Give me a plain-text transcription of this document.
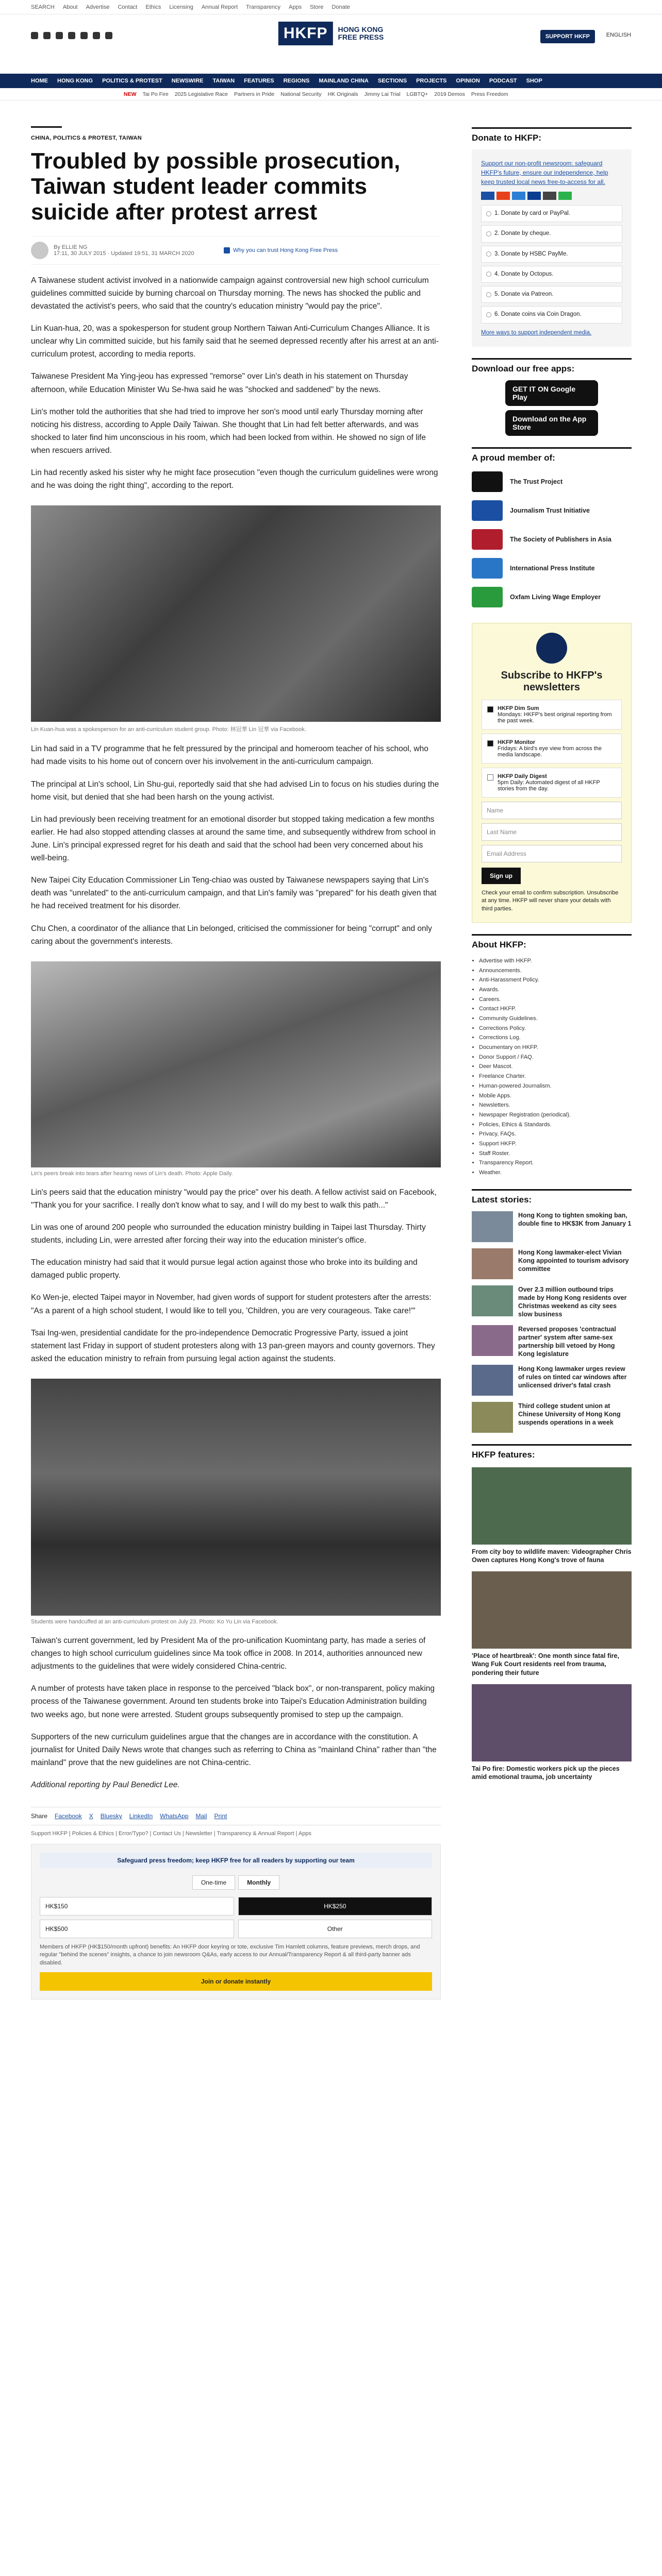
SEARCH About Advertise Contact Ethics Licensing Annual Report Transparency Apps Store Donate
HKFP	HONG KONG
FREE PRESS	SUPPORT HKFP	ENGLISH
HOME HONG KONG POLITICS & PROTEST NEWSWIRE TAIWAN FEATURES REGIONS MAINLAND CHINA SECTIONS PROJECTS OPINION PODCAST SHOP
NEW Tai Po Fire 2025 Legislative Race Partners in Pride National Security HK Originals Jimmy Lai Trial LGBTQ+ 2019 Demos Press Freedom
CHINA, POLITICS & PROTEST, TAIWAN
Troubled by possible prosecution, Taiwan student leader commits suicide after protest arrest
By ELLIE NG
17:11, 30 JULY 2015 · Updated 19:51, 31 MARCH 2020	Why you can trust Hong Kong Free Press

A Taiwanese student activist involved in a nationwide campaign against controversial new high school curriculum guidelines committed suicide by burning charcoal on Thursday morning. The news has shocked the public and devastated the activist's peers, who said that the country's education ministry "would pay the price".

Lin Kuan-hua, 20, was a spokesperson for student group Northern Taiwan Anti-Curriculum Changes Alliance. It is unclear why Lin committed suicide, but his family said that he seemed depressed recently after his arrest at an anti-curriculum protest, according to media reports.

Taiwanese President Ma Ying-jeou has expressed "remorse" over Lin's death in his statement on Thursday afternoon, while Education Minister Wu Se-hwa said he was "shocked and saddened" by the news.

Lin's mother told the authorities that she had tried to improve her son's mood until early Thursday morning after noticing his distress, according to Apple Daily Taiwan. She thought that Lin had felt better afterwards, and was shocked to later find him unconscious in his room, which had been locked from within. He showed no sign of life when rescuers arrived.

Lin had recently asked his sister why he might face prosecution "even though the curriculum guidelines were wrong and he was doing the right thing", according to the report.

Lin Kuan-hua was a spokesperson for an anti-curriculum student group. Photo: 林冠華 Lin 冠華 via Facebook.

Lin had said in a TV programme that he felt pressured by the principal and homeroom teacher of his school, who had made visits to his home out of concern over his involvement in the anti-curriculum campaign.

The principal at Lin's school, Lin Shu-gui, reportedly said that she had advised Lin to focus on his studies during the home visit, but denied that she had been harsh on the young activist.

Lin had previously been receiving treatment for an emotional disorder but stopped taking medication a few months earlier. He had also stopped attending classes at around the same time, and subsequently withdrew from school in June. Lin's principal expressed regret for his death and said that the school had been very concerned about his well-being.

New Taipei City Education Commissioner Lin Teng-chiao was ousted by Taiwanese newspapers saying that Lin's death was "unrelated" to the anti-curriculum campaign, and that Lin's family was "prepared" for his death given that he had received treatment for his disorder.

Chu Chen, a coordinator of the alliance that Lin belonged, criticised the commissioner for being "corrupt" and only caring about the government's interests.

Lin's peers break into tears after hearing news of Lin's death. Photo: Apple Daily.

Lin's peers said that the education ministry "would pay the price" over his death. A fellow activist said on Facebook, "Thank you for your sacrifice. I really don't know what to say, and I will do my best to walk this path..."

Lin was one of around 200 people who surrounded the education ministry building in Taipei last Thursday. Thirty students, including Lin, were arrested after forcing their way into the education minister's office.

The education ministry had said that it would pursue legal action against those who broke into its building and damaged public property.

Ko Wen-je, elected Taipei mayor in November, had given words of support for student protesters after the arrests: "As a parent of a high school student, I would like to tell you, 'Children, you are very courageous. Take care!'"

Tsai Ing-wen, presidential candidate for the pro-independence Democratic Progressive Party, issued a joint statement last Friday in support of student protesters along with 13 pan-green mayors and county governors. They asked the education ministry to refrain from pursuing legal action against the students.

Students were handcuffed at an anti-curriculum protest on July 23. Photo: Ko Yu Lin via Facebook.

Taiwan's current government, led by President Ma of the pro-unification Kuomintang party, has made a series of changes to high school curriculum guidelines since Ma took office in 2008. In 2014, authorities announced new adjustments to the guidelines that were widely considered China-centric.

A number of protests have taken place in response to the perceived "black box", or non-transparent, policy making process of the Taiwanese government. Around ten students broke into Taipei's Education Administration building two weeks ago, but none were arrested. Student groups subsequently promised to step up the campaign.

Supporters of the new curriculum guidelines argue that the changes are in accordance with the constitution. A journalist for United Daily News wrote that changes such as referring to China as "mainland China" rather than "the mainland" prove that the new guidelines are not China-centric.

Additional reporting by Paul Benedict Lee.

Share Facebook X Bluesky LinkedIn WhatsApp Mail Print
Support HKFP | Policies & Ethics | Error/Typo? | Contact Us | Newsletter | Transparency & Annual Report | Apps
Safeguard press freedom; keep HKFP free for all readers by supporting our team
One-time	Monthly
HK$150	HK$250
HK$500	Other
Members of HKFP (HK$150/month upfront) benefits: An HKFP door keyring or tote, exclusive Tim Hamlett columns, feature previews, merch drops, and regular "behind the scenes" insights, a chance to join newsroom Q&As, early access to our Annual/Transparency Report & all third-party banner ads disabled.
Join or donate instantly
Donate to HKFP:
Support our non-profit newsroom: safeguard HKFP's future, ensure our independence, help keep trusted local news free-to-access for all.
1. Donate by card or PayPal.
2. Donate by cheque.
3. Donate by HSBC PayMe.
4. Donate by Octopus.
5. Donate via Patreon.
6. Donate coins via Coin Dragon.
More ways to support independent media.
Download our free apps:
GET IT ON Google Play
Download on the App Store
A proud member of:
The Trust Project
Journalism Trust Initiative
The Society of Publishers in Asia
International Press Institute
Oxfam Living Wage Employer
Subscribe to HKFP's newsletters
HKFP Dim Sum
Mondays: HKFP's best original reporting from the past week.
HKFP Monitor
Fridays: A bird's eye view from across the media landscape.
HKFP Daily Digest
5pm Daily: Automated digest of all HKFP stories from the day.
Name
Last Name
Email Address
Sign up

Check your email to confirm subscription. Unsubscribe at any time. HKFP will never share your details with third parties.

About HKFP:
• Advertise with HKFP.
• Announcements.
• Anti-Harassment Policy.
• Awards.
• Careers.
• Contact HKFP.
• Community Guidelines.
• Corrections Policy.
• Corrections Log.
• Documentary on HKFP.
• Donor Support / FAQ.
• Deer Mascot.
• Freelance Charter.
• Human-powered Journalism.
• Mobile Apps.
• Newsletters.
• Newspaper Registration (periodical).
• Policies, Ethics & Standards.
• Privacy, FAQs.
• Support HKFP.
• Staff Roster.
• Transparency Report.
• Weather.
Latest stories:
Hong Kong to tighten smoking ban, double fine to HK$3K from January 1
Hong Kong lawmaker-elect Vivian Kong appointed to tourism advisory committee
Over 2.3 million outbound trips made by Hong Kong residents over Christmas weekend as city sees slow business
Reversed proposes 'contractual partner' system after same-sex partnership bill vetoed by Hong Kong legislature
Hong Kong lawmaker urges review of rules on tinted car windows after unlicensed driver's fatal crash
Third college student union at Chinese University of Hong Kong suspends operations in a week
HKFP features:
From city boy to wildlife maven: Videographer Chris Owen captures Hong Kong's trove of fauna
'Place of heartbreak': One month since fatal fire, Wang Fuk Court residents reel from trauma, pondering their future
Tai Po fire: Domestic workers pick up the pieces amid emotional trauma, job uncertainty
